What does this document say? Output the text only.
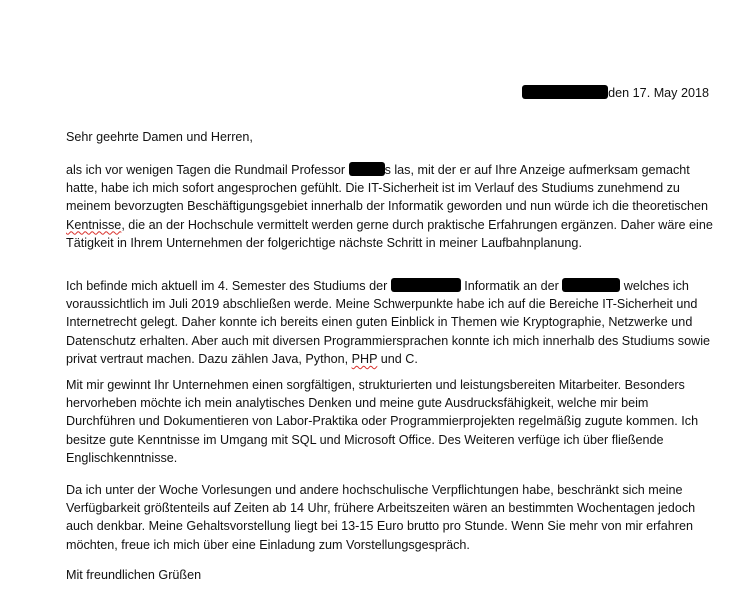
den 17. May 2018
Sehr geehrte Damen und Herren,
als ich vor wenigen Tagen die Rundmail Professor	s las, mit der er auf Ihre Anzeige aufmerksam gemacht hatte, habe ich mich sofort angesprochen gefühlt. Die IT-Sicherheit ist im Verlauf des Studiums zunehmend zu meinem bevorzugten Beschäftigungsgebiet innerhalb der Informatik geworden und nun würde ich die theoretischen Kentnisse, die an der Hochschule vermittelt werden gerne durch praktische Erfahrungen ergänzen. Daher wäre eine Tätigkeit in Ihrem Unternehmen der folgerichtige nächste Schritt in meiner Laufbahnplanung.
Ich befinde mich aktuell im 4. Semester des Studiums der	Informatik an der	welches ich voraussichtlich im Juli 2019 abschließen werde. Meine Schwerpunkte habe ich auf die Bereiche IT-Sicherheit und Internetrecht gelegt. Daher konnte ich bereits einen guten Einblick in Themen wie Kryptographie, Netzwerke und Datenschutz erhalten. Aber auch mit diversen Programmiersprachen konnte ich mich innerhalb des Studiums sowie privat vertraut machen. Dazu zählen Java, Python, PHP und C.
Mit mir gewinnt Ihr Unternehmen einen sorgfältigen, strukturierten und leistungsbereiten Mitarbeiter. Besonders hervorheben möchte ich mein analytisches Denken und meine gute Ausdrucksfähigkeit, welche mir beim Durchführen und Dokumentieren von Labor-Praktika oder Programmierprojekten regelmäßig zugute kommen. Ich besitze gute Kenntnisse im Umgang mit SQL und Microsoft Office. Des Weiteren verfüge ich über fließende Englischkenntnisse.
Da ich unter der Woche Vorlesungen und andere hochschulische Verpflichtungen habe, beschränkt sich meine Verfügbarkeit größtenteils auf Zeiten ab 14 Uhr, frühere Arbeitszeiten wären an bestimmten Wochentagen jedoch auch denkbar. Meine Gehaltsvorstellung liegt bei 13-15 Euro brutto pro Stunde. Wenn Sie mehr von mir erfahren möchten, freue ich mich über eine Einladung zum Vorstellungsgespräch.
Mit freundlichen Grüßen
